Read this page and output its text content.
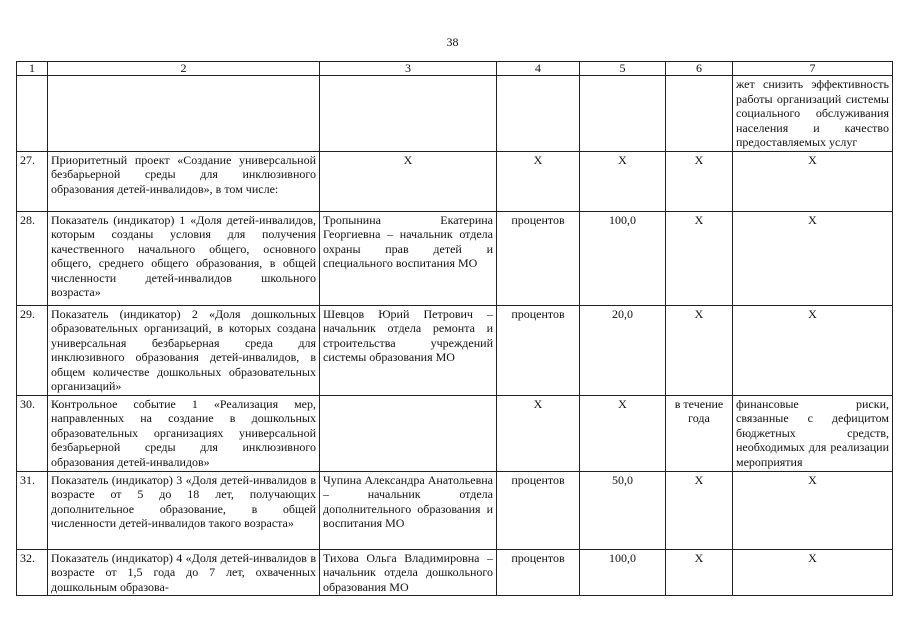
38
1	2	3	4	5	6	7
						жет снизить эффективность работы организаций системы социального обслуживания населения и качество предоставляемых услуг
27.	Приоритетный проект «Создание универсальной безбарьерной среды для инклюзивного образования детей-инвалидов», в том числе:	Х	Х	Х	Х	Х
28.	Показатель (индикатор) 1 «Доля детей-инвалидов, которым созданы условия для получения качественного начального общего, основного общего, среднего общего образования, в общей численности детей-инвалидов школьного возраста»	Тропынина Екатерина Георгиевна – начальник отдела охраны прав детей и специального воспитания МО	процентов	100,0	Х	Х
29.	Показатель (индикатор) 2 «Доля дошкольных образовательных организаций, в которых создана универсальная безбарьерная среда для инклюзивного образования детей-инвалидов, в общем количестве дошкольных образовательных организаций»	Шевцов Юрий Петрович – начальник отдела ремонта и строительства учреждений системы образования МО	процентов	20,0	Х	Х
30.	Контрольное событие 1 «Реализация мер, направленных на создание в дошкольных образовательных организациях универсальной безбарьерной среды для инклюзивного образования детей-инвалидов»		Х	Х	в течение года	финансовые риски, связанные с дефицитом бюджетных средств, необходимых для реализации мероприятия
31.	Показатель (индикатор) 3 «Доля детей-инвалидов в возрасте от 5 до 18 лет, получающих дополнительное образование, в общей численности детей-инвалидов такого возраста»	Чупина Александра Анатольевна – начальник отдела дополнительного образования и воспитания МО	процентов	50,0	Х	Х
32.	Показатель (индикатор) 4 «Доля детей-инвалидов в возрасте от 1,5 года до 7 лет, охваченных дошкольным образова-	Тихова Ольга Владимировна – начальник отдела дошкольного образования МО	процентов	100,0	Х	Х
